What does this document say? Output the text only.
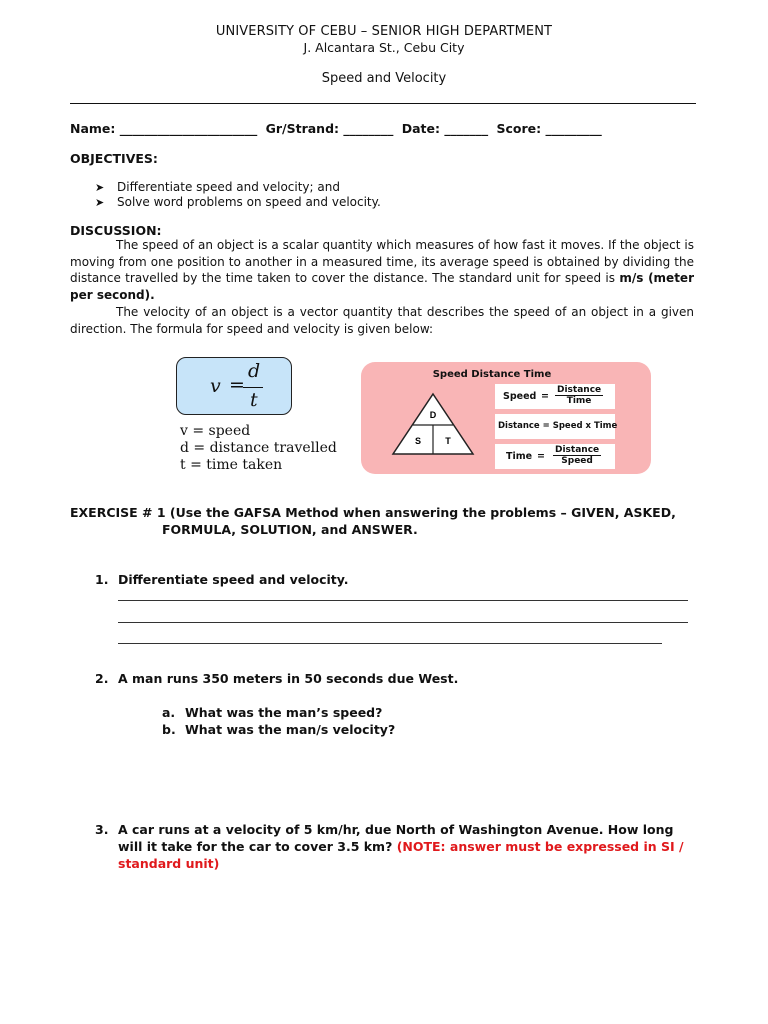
UNIVERSITY OF CEBU – SENIOR HIGH DEPARTMENT
J. Alcantara St., Cebu City
Speed and Velocity
Name: ______________________ Gr/Strand: ________ Date: _______ Score: _________
OBJECTIVES:
➤ Differentiate speed and velocity; and
➤ Solve word problems on speed and velocity.
DISCUSSION:
The speed of an object is a scalar quantity which measures of how fast it moves. If the object is moving from one position to another in a measured time, its average speed is obtained by dividing the distance travelled by the time taken to cover the distance. The standard unit for speed is m/s (meter per second).
The velocity of an object is a vector quantity that describes the speed of an object in a given direction. The formula for speed and velocity is given below:
v =
d
t
v = speed
d = distance travelled
t = time taken
Speed Distance Time
D
S	T
Speed =
Distance
Time
Distance = Speed x Time
Time =
Distance
Speed
EXERCISE # 1 (Use the GAFSA Method when answering the problems – GIVEN, ASKED,
FORMULA, SOLUTION, and ANSWER.
1. Differentiate speed and velocity.
2. A man runs 350 meters in 50 seconds due West.
a. What was the man’s speed?
b. What was the man/s velocity?
3. A car runs at a velocity of 5 km/hr, due North of Washington Avenue. How long
will it take for the car to cover 3.5 km? (NOTE: answer must be expressed in SI /
standard unit)
